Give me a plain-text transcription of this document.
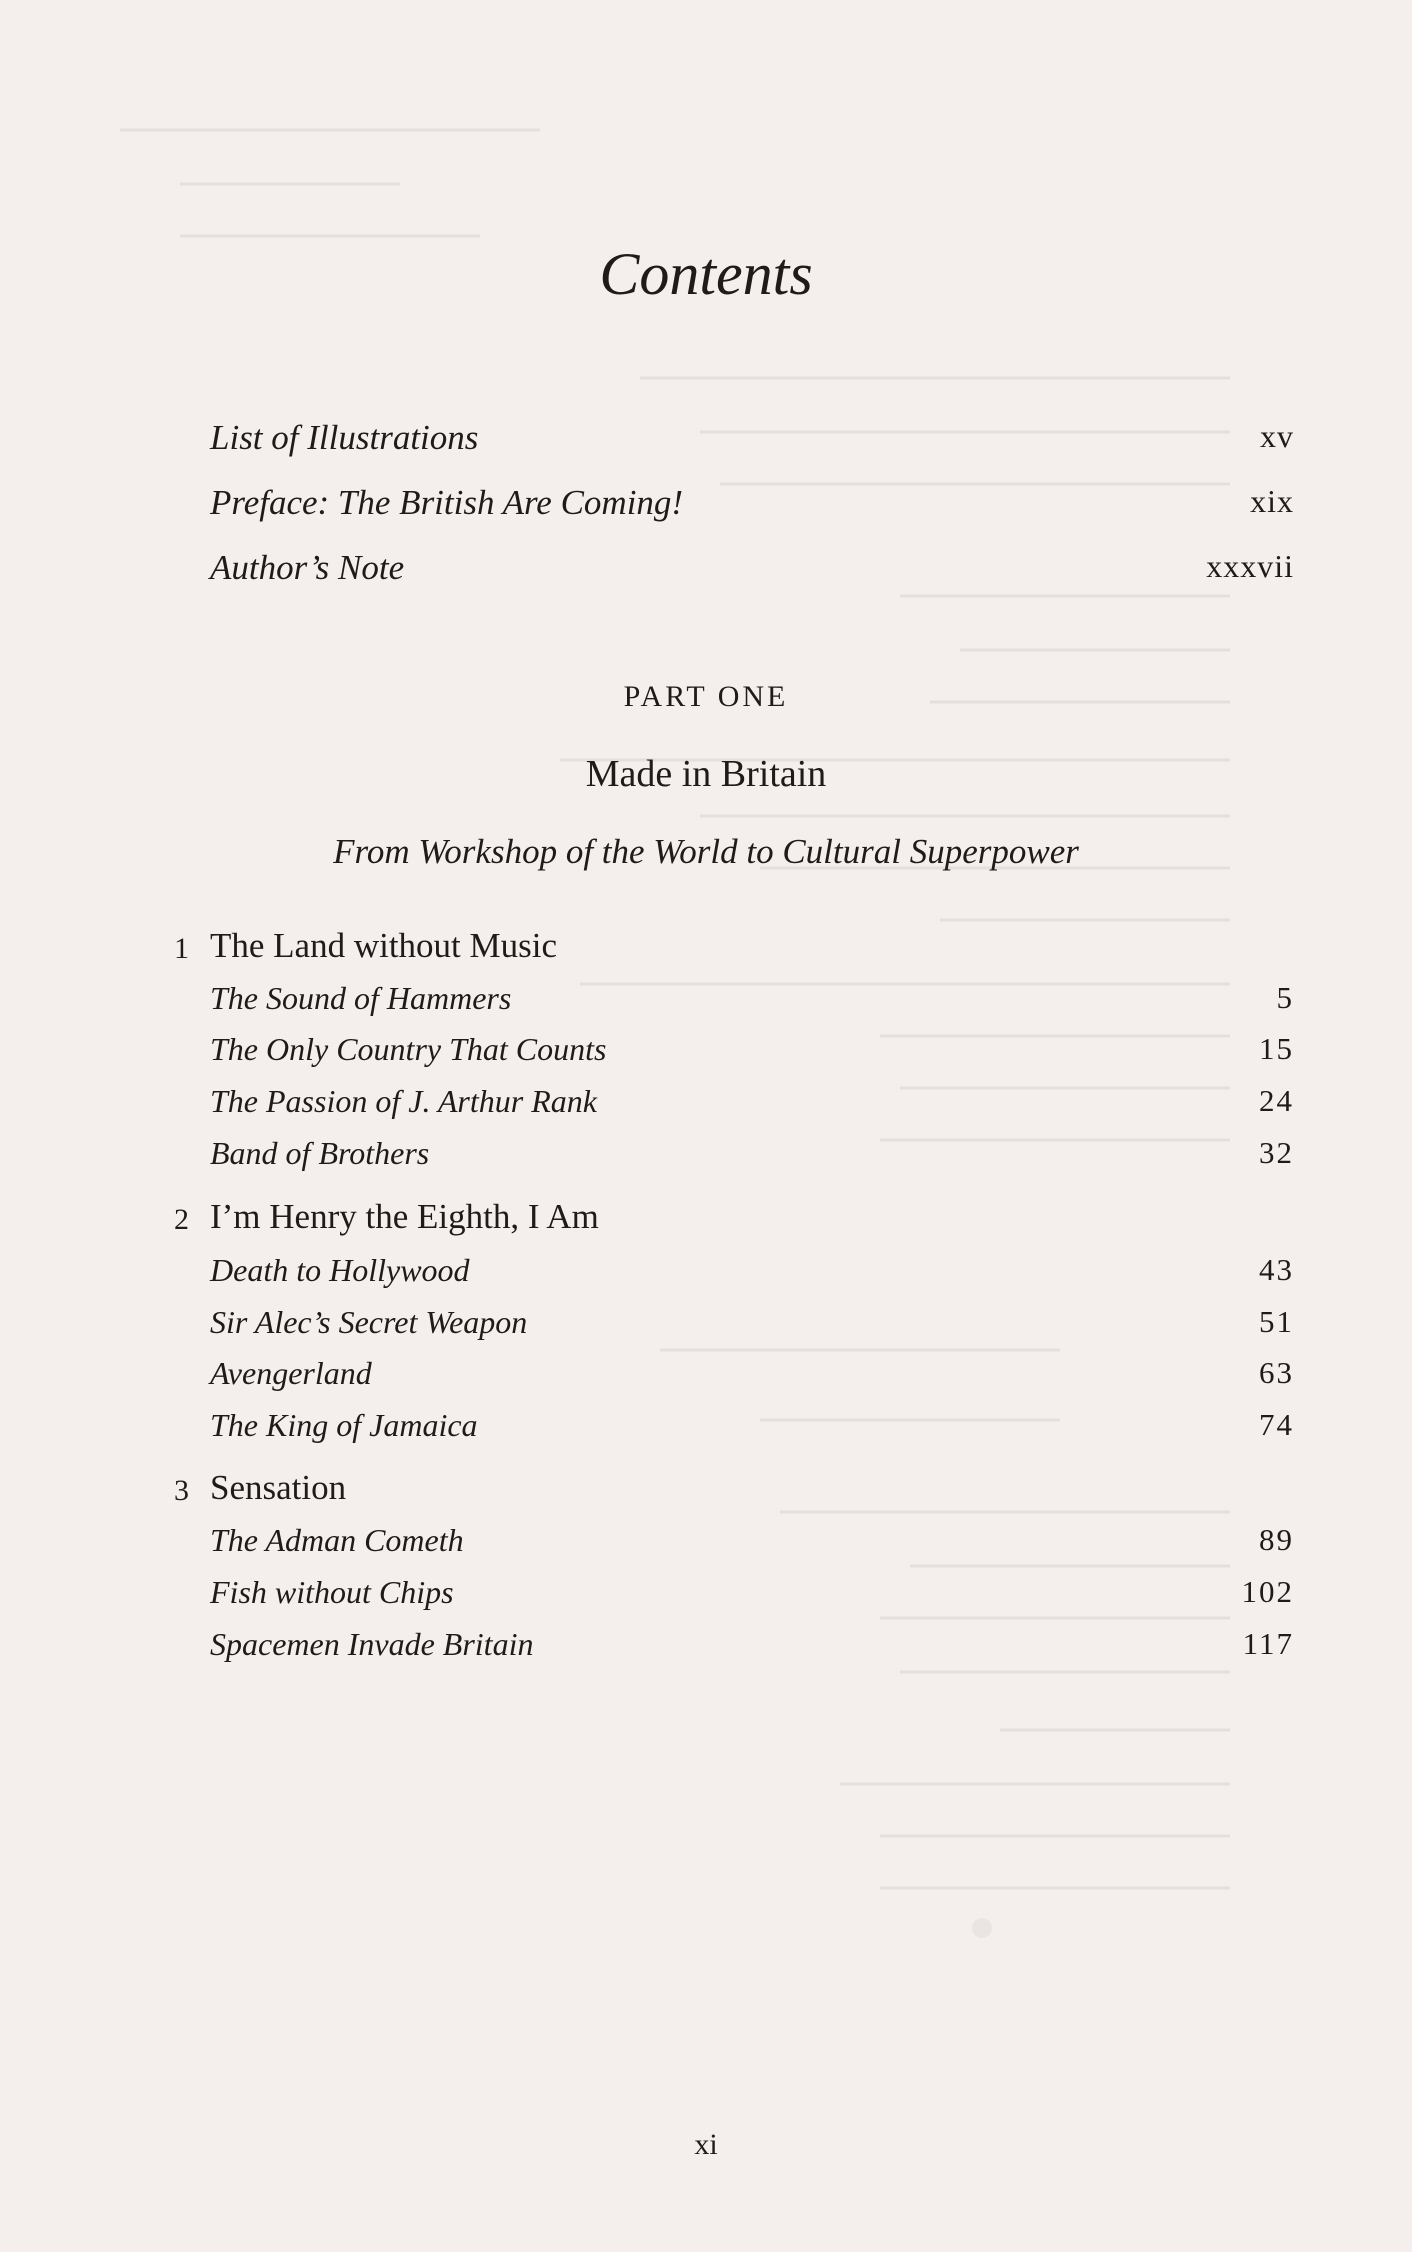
Contents
List of Illustrations	xv
Preface: The British Are Coming!	xix
Author’s Note	xxxvii
PART ONE
Made in Britain
From Workshop of the World to Cultural Superpower
1 The Land without Music
The Sound of Hammers	5
The Only Country That Counts	15
The Passion of J. Arthur Rank	24
Band of Brothers	32
2 I’m Henry the Eighth, I Am
Death to Hollywood	43
Sir Alec’s Secret Weapon	51
Avengerland	63
The King of Jamaica	74
3 Sensation
The Adman Cometh	89
Fish without Chips	102
Spacemen Invade Britain	117
xi
